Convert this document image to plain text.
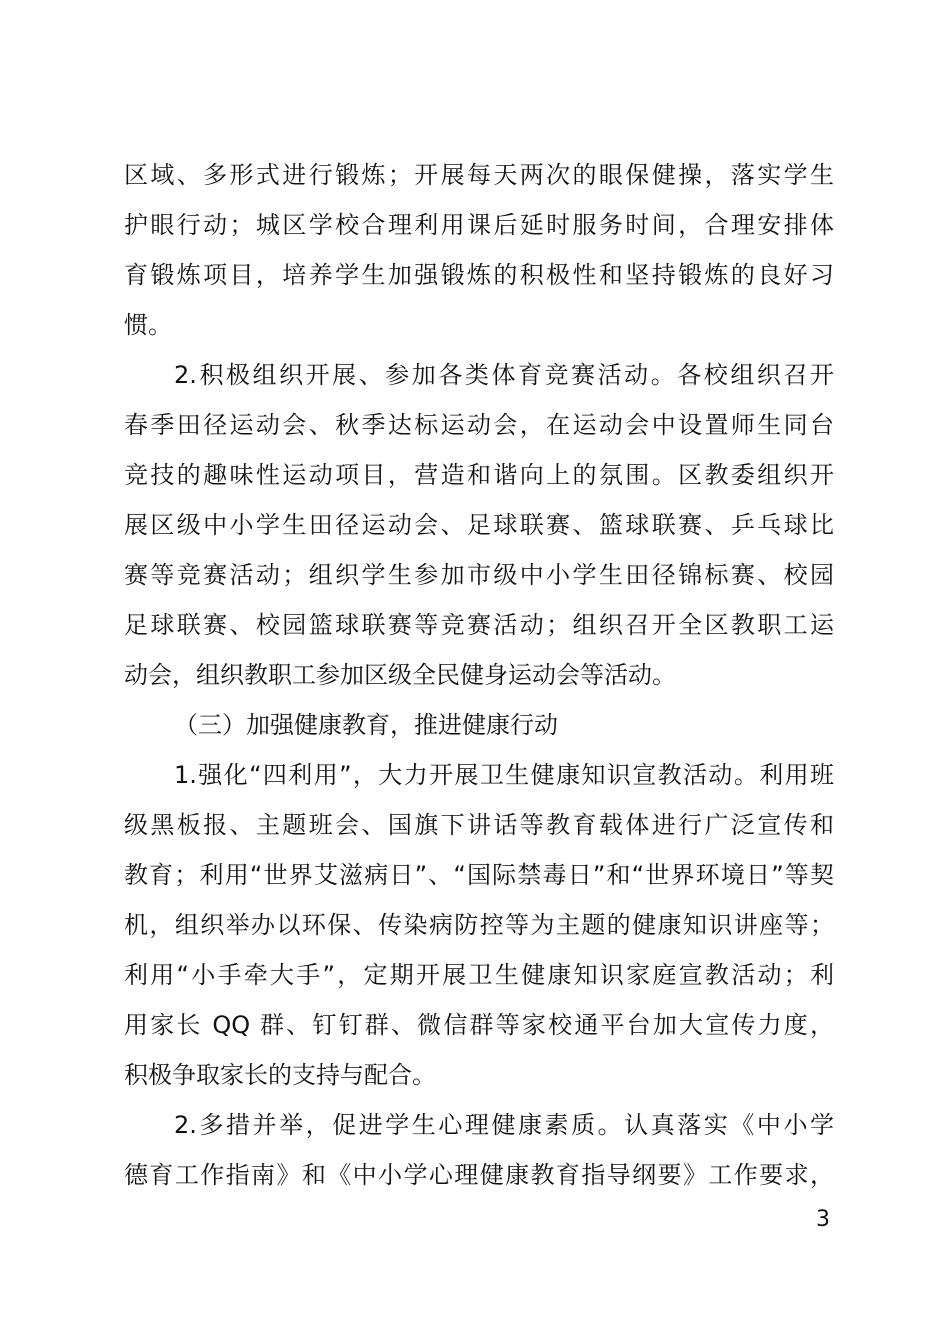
区域、多形式进行锻炼；开展每天两次的眼保健操，落实学生
护眼行动；城区学校合理利用课后延时服务时间，合理安排体
育锻炼项目，培养学生加强锻炼的积极性和坚持锻炼的良好习
惯。
2.积极组织开展、参加各类体育竞赛活动。各校组织召开
春季田径运动会、秋季达标运动会，在运动会中设置师生同台
竞技的趣味性运动项目，营造和谐向上的氛围。区教委组织开
展区级中小学生田径运动会、足球联赛、篮球联赛、乒乓球比
赛等竞赛活动；组织学生参加市级中小学生田径锦标赛、校园
足球联赛、校园篮球联赛等竞赛活动；组织召开全区教职工运
动会，组织教职工参加区级全民健身运动会等活动。
（三）加强健康教育，推进健康行动
1.强化“四利用”，大力开展卫生健康知识宣教活动。利用班
级黑板报、主题班会、国旗下讲话等教育载体进行广泛宣传和
教育；利用“世界艾滋病日”、“国际禁毒日”和“世界环境日”等契
机，组织举办以环保、传染病防控等为主题的健康知识讲座等；
利用“小手牵大手”，定期开展卫生健康知识家庭宣教活动；利
用家长 QQ 群、钉钉群、微信群等家校通平台加大宣传力度，
积极争取家长的支持与配合。
2.多措并举，促进学生心理健康素质。认真落实《中小学
德育工作指南》和《中小学心理健康教育指导纲要》工作要求，
3
